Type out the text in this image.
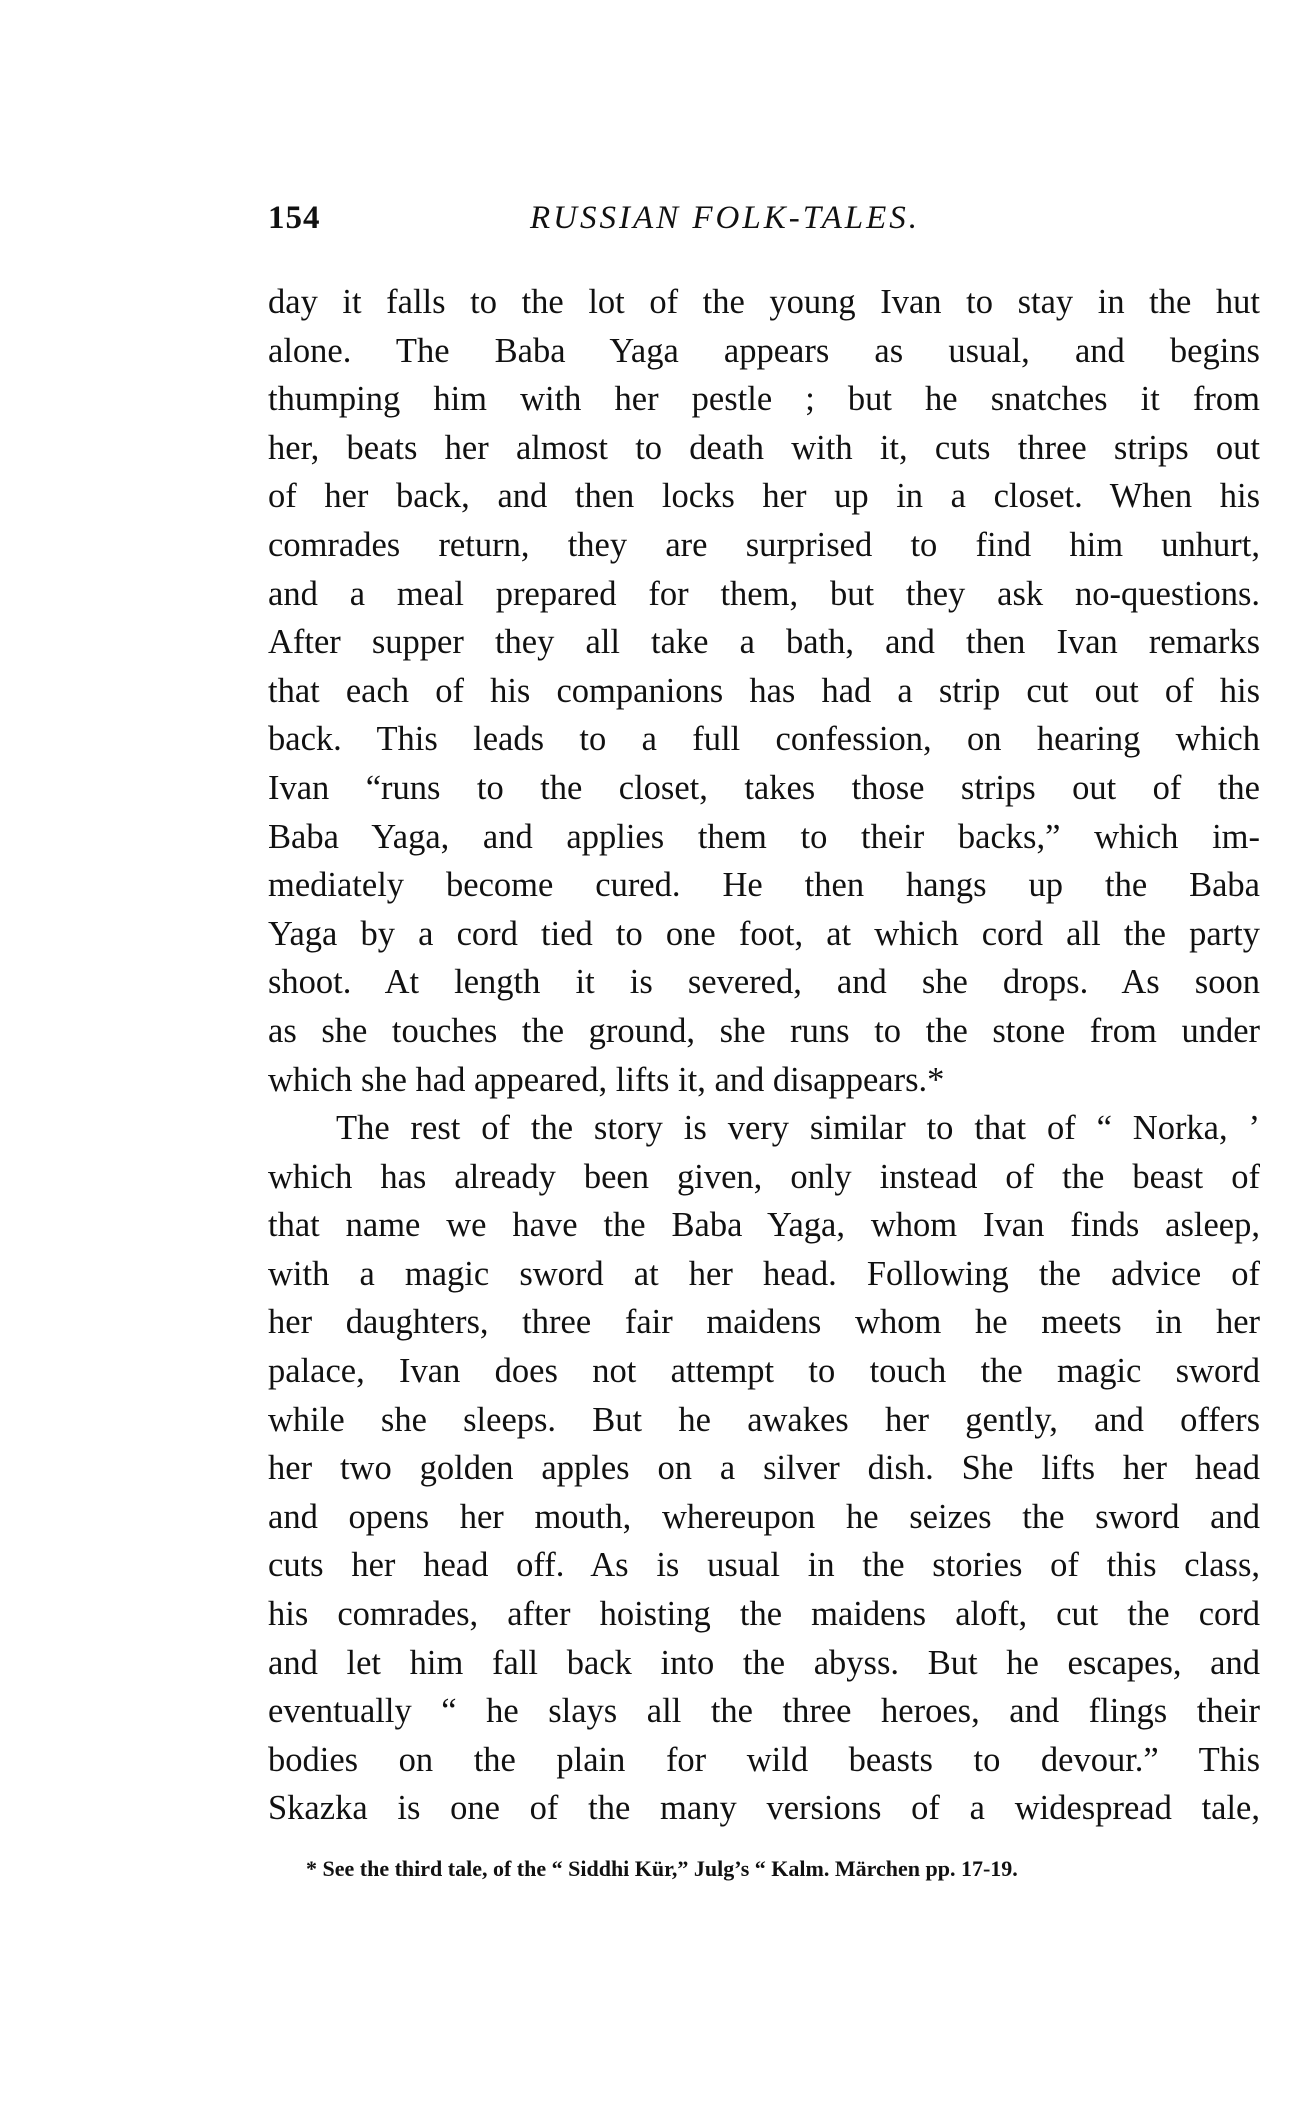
154	RUSSIAN FOLK-TALES.
day it falls to the lot of the young Ivan to stay in the hut
alone. The Baba Yaga appears as usual, and begins
thumping him with her pestle ; but he snatches it from
her, beats her almost to death with it, cuts three strips out
of her back, and then locks her up in a closet. When his
comrades return, they are surprised to find him unhurt,
and a meal prepared for them, but they ask no-questions.
After supper they all take a bath, and then Ivan remarks
that each of his companions has had a strip cut out of his
back. This leads to a full confession, on hearing which
Ivan “runs to the closet, takes those strips out of the
Baba Yaga, and applies them to their backs,” which im-
mediately become cured. He then hangs up the Baba
Yaga by a cord tied to one foot, at which cord all the party
shoot. At length it is severed, and she drops. As soon
as she touches the ground, she runs to the stone from under
which she had appeared, lifts it, and disappears.*
The rest of the story is very similar to that of “ Norka, ’
which has already been given, only instead of the beast of
that name we have the Baba Yaga, whom Ivan finds asleep,
with a magic sword at her head. Following the advice of
her daughters, three fair maidens whom he meets in her
palace, Ivan does not attempt to touch the magic sword
while she sleeps. But he awakes her gently, and offers
her two golden apples on a silver dish. She lifts her head
and opens her mouth, whereupon he seizes the sword and
cuts her head off. As is usual in the stories of this class,
his comrades, after hoisting the maidens aloft, cut the cord
and let him fall back into the abyss. But he escapes, and
eventually “ he slays all the three heroes, and flings their
bodies on the plain for wild beasts to devour.” This
Skazka is one of the many versions of a widespread tale,
* See the third tale, of the “ Siddhi Kür,” Julg’s “ Kalm. Märchen pp. 17-19.
